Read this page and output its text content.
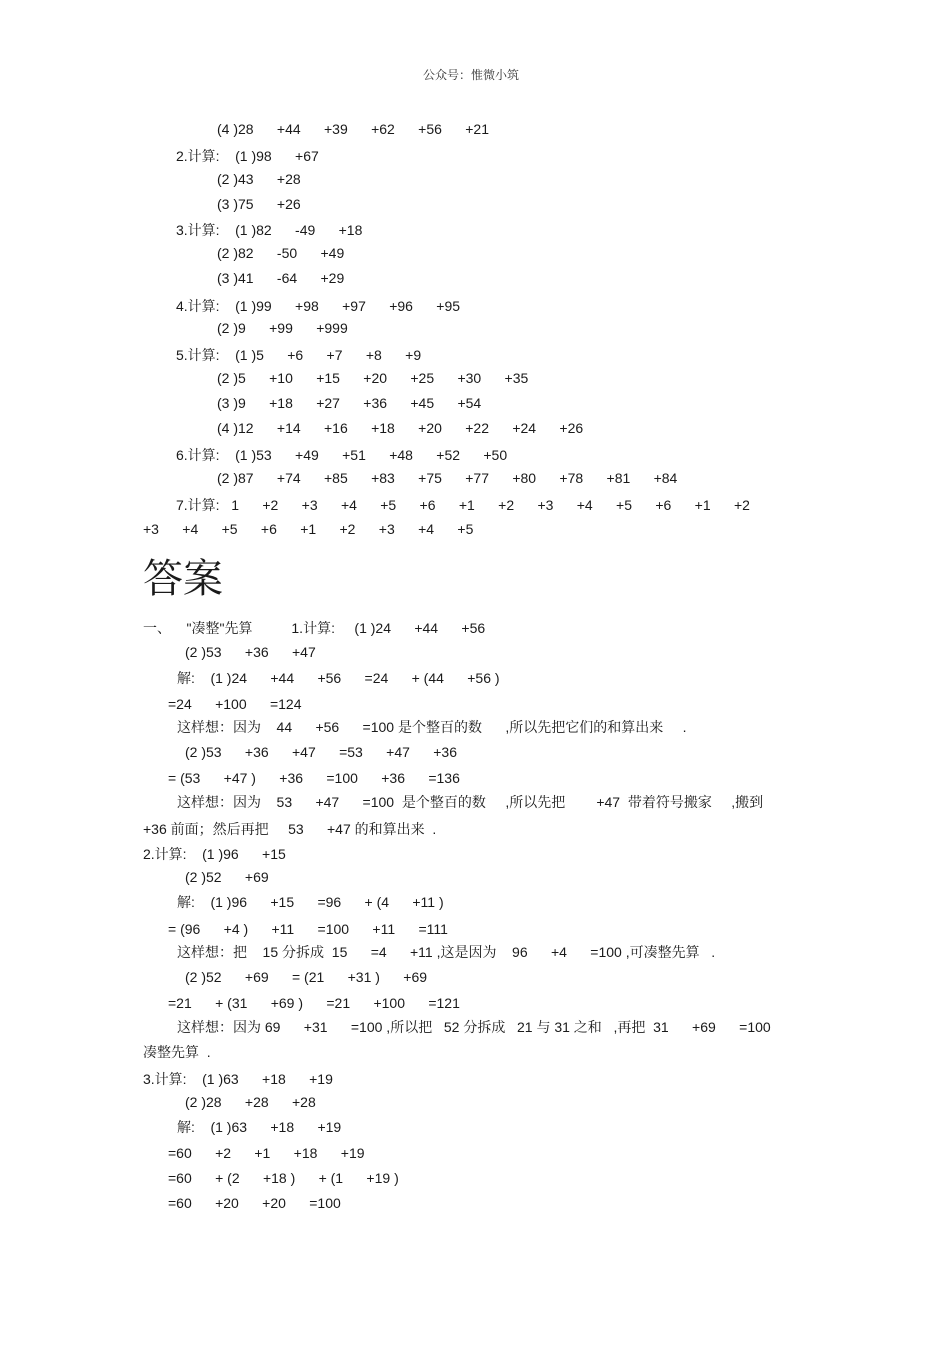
公众号：惟微小筑
(4 )28      +44      +39      +62      +56      +21
2.计算:    (1 )98      +67
(2 )43      +28
(3 )75      +26
3.计算:    (1 )82      -49      +18
(2 )82      -50      +49
(3 )41      -64      +29
4.计算:    (1 )99      +98      +97      +96      +95
(2 )9      +99      +999
5.计算:    (1 )5      +6      +7      +8      +9
(2 )5      +10      +15      +20      +25      +30      +35
(3 )9      +18      +27      +36      +45      +54
(4 )12      +14      +16      +18      +20      +22      +24      +26
6.计算:    (1 )53      +49      +51      +48      +52      +50
(2 )87      +74      +85      +83      +75      +77      +80      +78      +81      +84
7.计算:   1      +2      +3      +4      +5      +6      +1      +2      +3      +4      +5      +6      +1      +2
+3      +4      +5      +6      +1      +2      +3      +4      +5
答案
一、    "凑整"先算          1.计算:     (1 )24      +44      +56
(2 )53      +36      +47
解:    (1 )24      +44      +56      =24      + (44      +56 )
=24      +100      =124
这样想：因为    44      +56      =100 是个整百的数      ,所以先把它们的和算出来     .
(2 )53      +36      +47      =53      +47      +36
= (53      +47 )      +36      =100      +36      =136
这样想：因为    53      +47      =100  是个整百的数     ,所以先把        +47  带着符号搬家     ,搬到
+36 前面；然后再把     53      +47 的和算出来  .
2.计算:    (1 )96      +15
(2 )52      +69
解:    (1 )96      +15      =96      + (4      +11 )
= (96      +4 )      +11      =100      +11      =111
这样想：把    15 分拆成  15      =4      +11 ,这是因为    96      +4      =100 ,可凑整先算   .
(2 )52      +69      = (21      +31 )      +69
=21      + (31      +69 )      =21      +100      =121
这样想：因为 69      +31      =100 ,所以把   52 分拆成   21 与 31 之和   ,再把  31      +69      =100
凑整先算  .
3.计算:    (1 )63      +18      +19
(2 )28      +28      +28
解:    (1 )63      +18      +19
=60      +2      +1      +18      +19
=60      + (2      +18 )      + (1      +19 )
=60      +20      +20      =100
